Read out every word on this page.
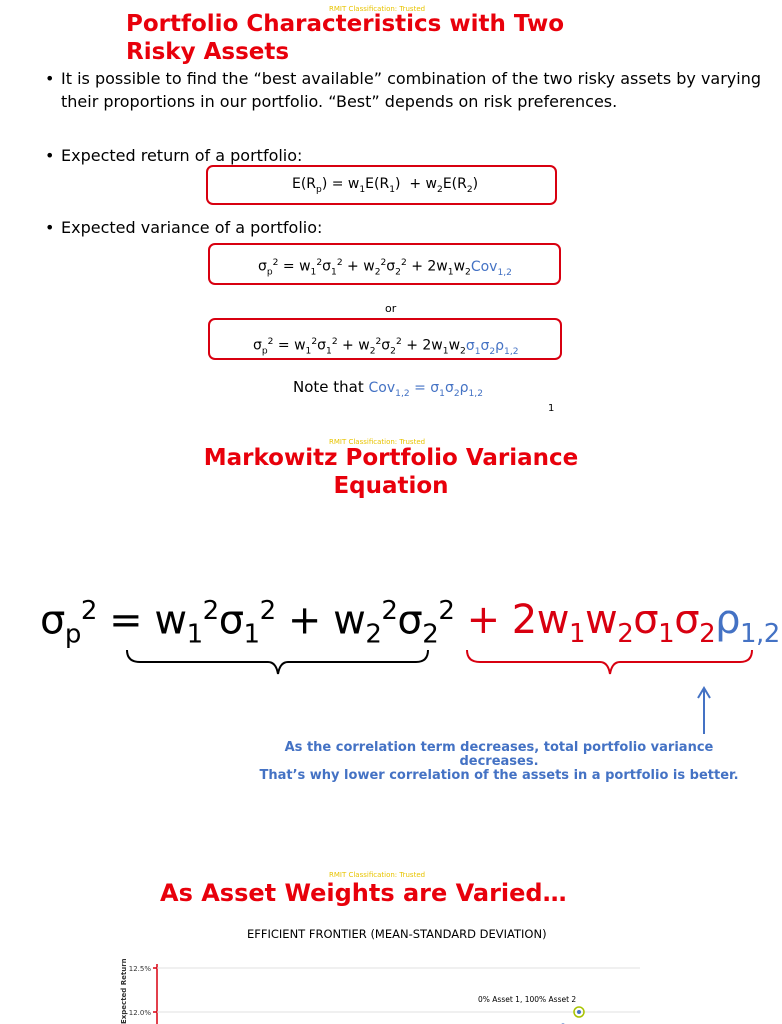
RMIT Classification: Trusted
Portfolio Characteristics with Two
Risky Assets
• It is possible to find the “best available” combination of the two risky assets by varying
their proportions in our portfolio. “Best” depends on risk preferences.
• Expected return of a portfolio:
$E(R_p) = w_1E(R_1) + w_2E(R_2)$
• Expected variance of a portfolio:
$\sigma_p^2 = w_1^2\sigma_1^2 + w_2^2\sigma_2^2 + 2w_1w_2Cov_{1,2}$
or
$\sigma_p^2 = w_1^2\sigma_1^2 + w_2^2\sigma_2^2 + 2w_1w_2\sigma_1\sigma_2\rho_{1,2}$
Note that $Cov_{1,2} = \sigma_1\sigma_2\rho_{1,2}$
1
RMIT Classification: Trusted
Markowitz Portfolio Variance
Equation
$\sigma_p^2 = w_1^2\sigma_1^2 + w_2^2\sigma_2^2 + 2w_1w_2\sigma_1\sigma_2\rho_{1,2}$
As the correlation term decreases, total portfolio variance
decreases.
That’s why lower correlation of the assets in a portfolio is better.
RMIT Classification: Trusted
As Asset Weights are Varied…
EFFICIENT FRONTIER (MEAN-STANDARD DEVIATION)
12.5%
12.0%
Expected Return	0% Asset 1, 100% Asset 2
